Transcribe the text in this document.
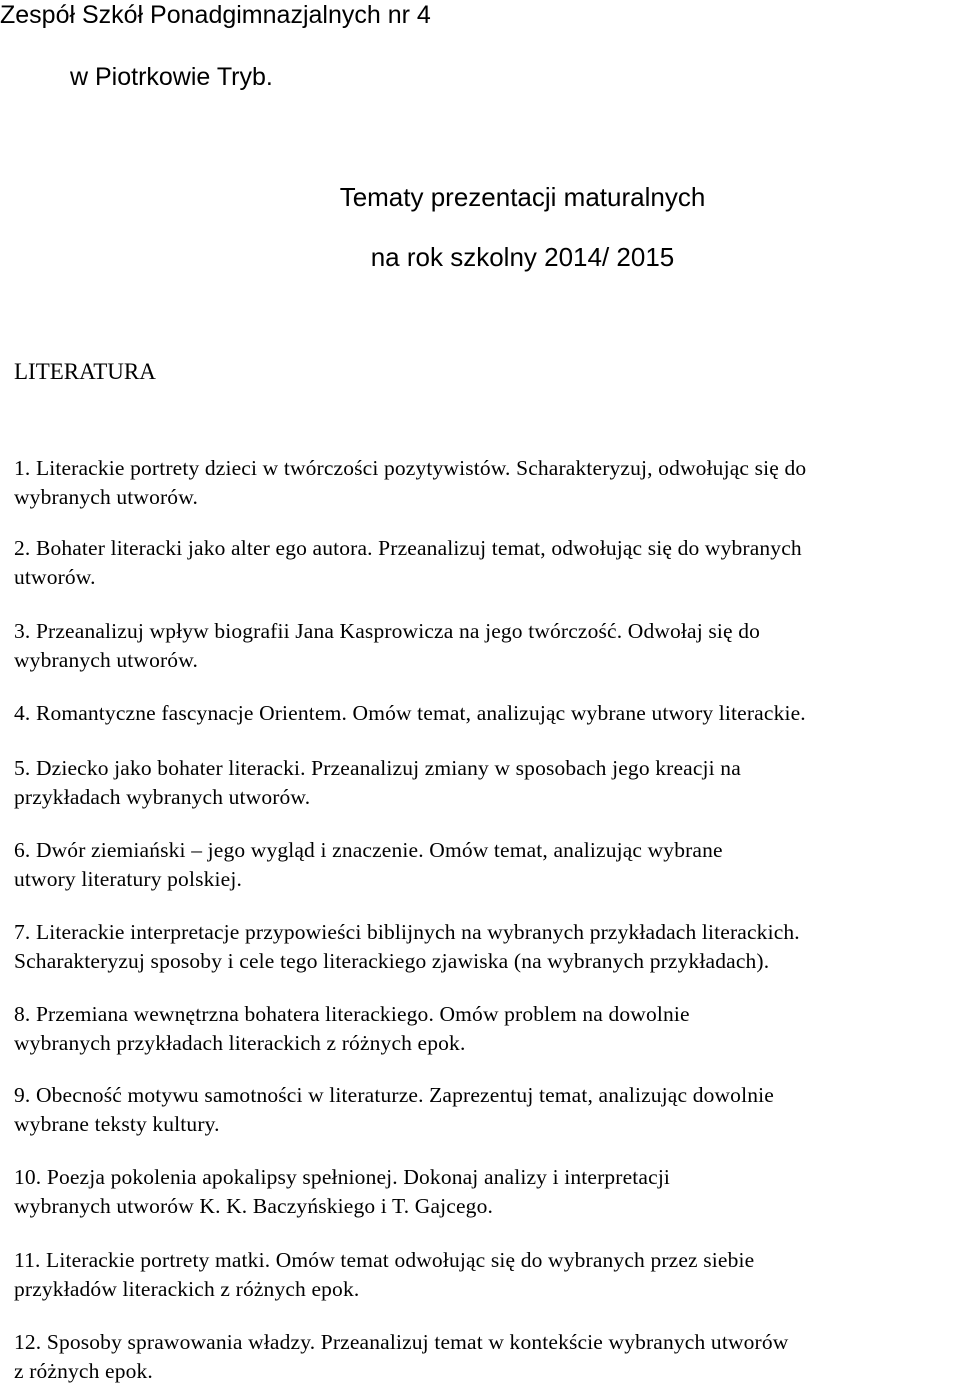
Zespół Szkół Ponadgimnazjalnych nr 4
w Piotrkowie Tryb.
Tematy prezentacji maturalnych
na rok szkolny 2014/ 2015
LITERATURA
1. Literackie portrety dzieci w twórczości pozytywistów. Scharakteryzuj, odwołując się do
wybranych utworów.
2. Bohater literacki jako alter ego autora. Przeanalizuj temat, odwołując się do wybranych
utworów.
3. Przeanalizuj wpływ biografii Jana Kasprowicza na jego twórczość. Odwołaj się do
wybranych utworów.
4. Romantyczne fascynacje Orientem. Omów temat, analizując wybrane utwory literackie.
5. Dziecko jako bohater literacki. Przeanalizuj zmiany w sposobach jego kreacji na
przykładach wybranych utworów.
6. Dwór ziemiański – jego wygląd i znaczenie. Omów temat, analizując wybrane
utwory literatury polskiej.
7. Literackie interpretacje przypowieści biblijnych na wybranych przykładach literackich.
Scharakteryzuj sposoby i cele tego literackiego zjawiska (na wybranych przykładach).
8. Przemiana wewnętrzna bohatera literackiego. Omów problem na dowolnie
wybranych przykładach literackich z różnych epok.
9. Obecność motywu samotności w literaturze. Zaprezentuj temat, analizując dowolnie
wybrane teksty kultury.
10. Poezja pokolenia apokalipsy spełnionej. Dokonaj analizy i interpretacji
wybranych utworów K. K. Baczyńskiego i T. Gajcego.
11. Literackie portrety matki. Omów temat odwołując się do wybranych przez siebie
przykładów literackich z różnych epok.
12. Sposoby sprawowania władzy. Przeanalizuj temat w kontekście wybranych utworów
z różnych epok.
